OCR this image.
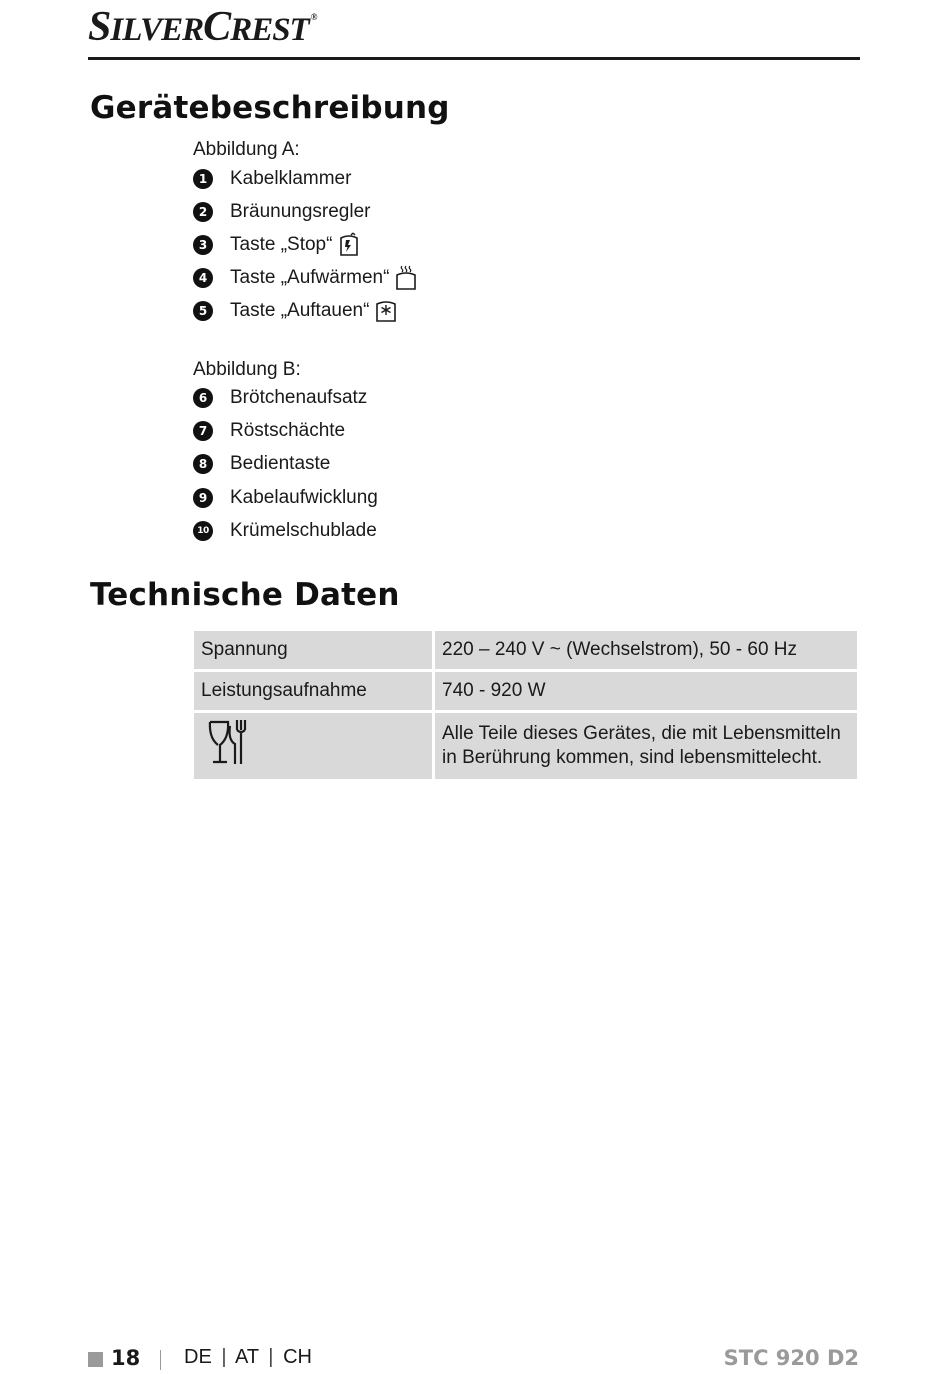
SILVERCREST ®
Gerätebeschreibung
Abbildung A:
1	Kabelklammer
2	Bräunungsregler
3	Taste „Stop“
4	Taste „Aufwärmen“
5	Taste „Auftauen“
Abbildung B:
6	Brötchenaufsatz
7	Röstschächte
8	Bedientaste
9	Kabelaufwicklung
10 Krümelschublade
Technische Daten
Spannung	220 – 240 V ~ (Wechselstrom), 50 - 60 Hz
Leistungsaufnahme	740 - 920 W
	Alle Teile dieses Gerätes, die mit Lebensmitteln in Berührung kommen, sind lebensmittelecht.
18 DE | AT | CH	STC 920 D2
